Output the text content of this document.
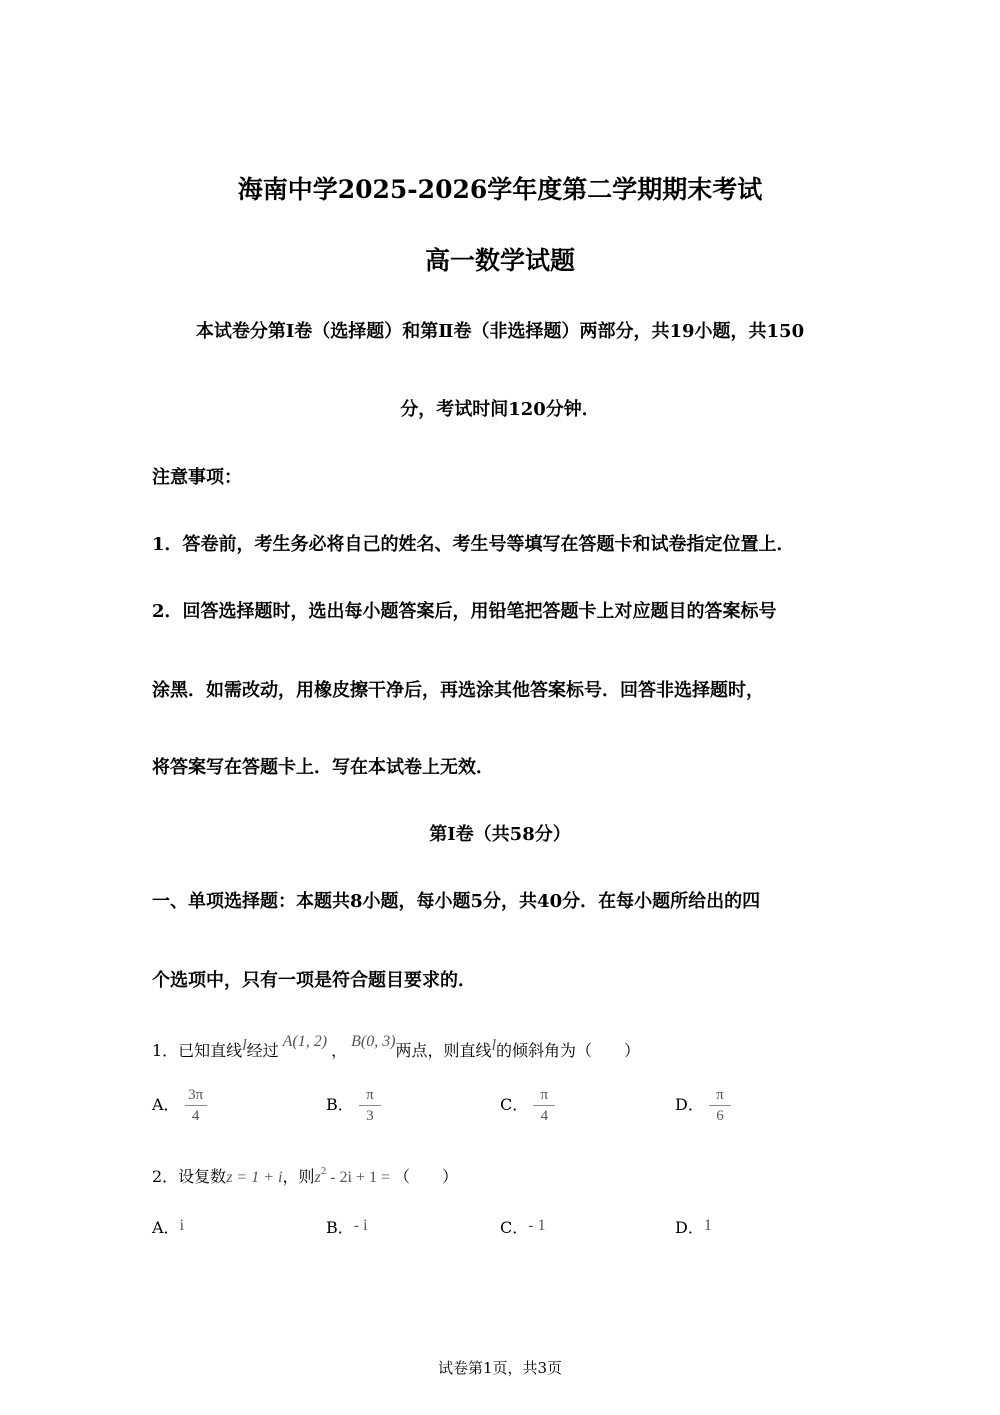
海南中学2025-2026学年度第二学期期末考试
高一数学试题
本试卷分第Ⅰ卷（选择题）和第Ⅱ卷（非选择题）两部分，共19小题，共150
分，考试时间120分钟．
注意事项：
1．答卷前，考生务必将自己的姓名、考生号等填写在答题卡和试卷指定位置上．
2．回答选择题时，选出每小题答案后，用铅笔把答题卡上对应题目的答案标号
涂黑．如需改动，用橡皮擦干净后，再选涂其他答案标号．回答非选择题时，
将答案写在答题卡上．写在本试卷上无效．
第Ⅰ卷（共58分）
一、单项选择题：本题共8小题，每小题5分，共40分．在每小题所给出的四
个选项中，只有一项是符合题目要求的．
1．已知直线l经过 A(1, 2) ， B(0, 3)两点，则直线l的倾斜角为（　　）
A． $\frac{3\pi}{4}$	B． $\frac{\pi}{3}$	C． $\frac{\pi}{4}$	D． $\frac{\pi}{6}$
2．设复数z = 1 + i，则$z^2 - 2i + 1$ = （　　）
A．i	B．- i	C．- 1	D．1
试卷第1页，共3页
